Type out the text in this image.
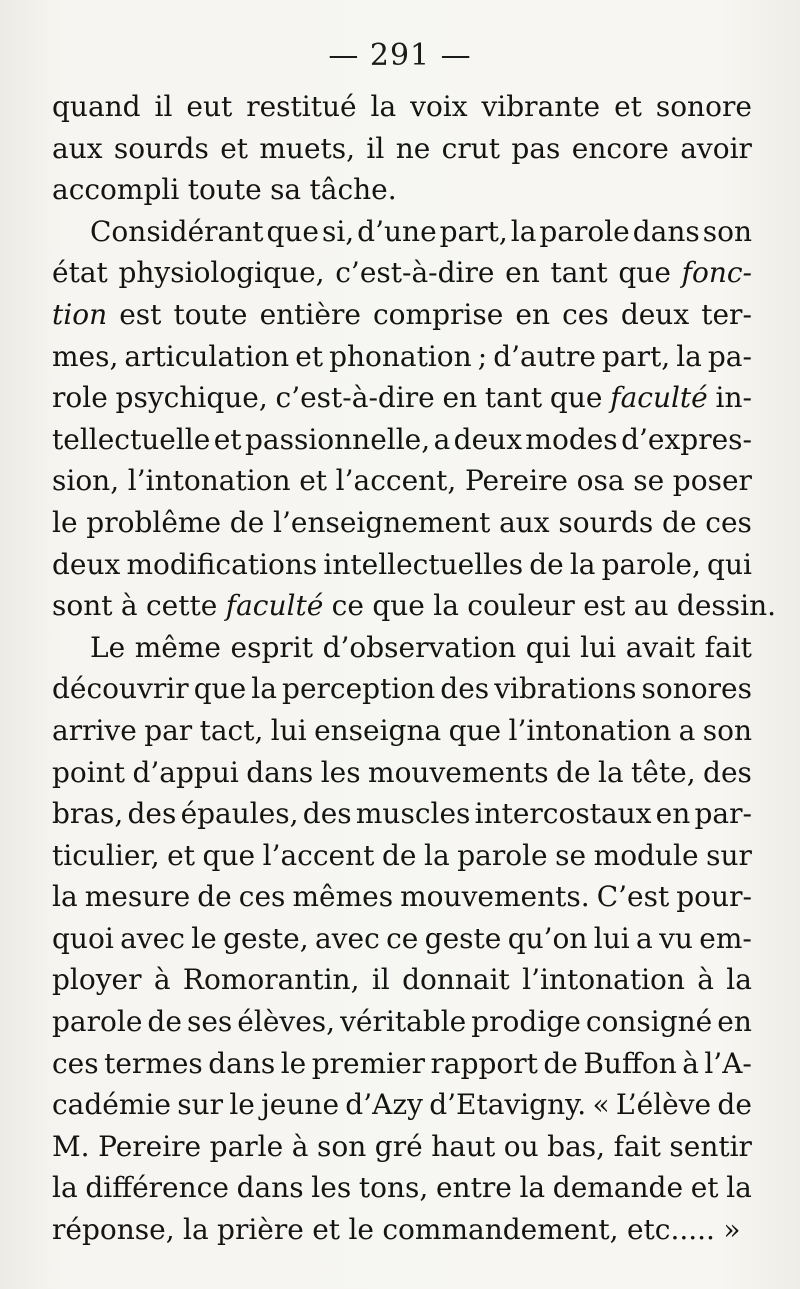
— 291 —
quand il eut restitué la voix vibrante et sonore
aux sourds et muets, il ne crut pas encore avoir
accompli toute sa tâche.
Considérant que si, d’une part, la parole dans son
état physiologique, c’est-à-dire en tant que fonc-
tion est toute entière comprise en ces deux ter-
mes, articulation et phonation ; d’autre part, la pa-
role psychique, c’est-à-dire en tant que faculté in-
tellectuelle et passionnelle, a deux modes d’expres-
sion, l’intonation et l’accent, Pereire osa se poser
le problême de l’enseignement aux sourds de ces
deux modifications intellectuelles de la parole, qui
sont à cette faculté ce que la couleur est au dessin.
Le même esprit d’observation qui lui avait fait
découvrir que la perception des vibrations sonores
arrive par tact, lui enseigna que l’intonation a son
point d’appui dans les mouvements de la tête, des
bras, des épaules, des muscles intercostaux en par-
ticulier, et que l’accent de la parole se module sur
la mesure de ces mêmes mouvements. C’est pour-
quoi avec le geste, avec ce geste qu’on lui a vu em-
ployer à Romorantin, il donnait l’intonation à la
parole de ses élèves, véritable prodige consigné en
ces termes dans le premier rapport de Buffon à l’A-
cadémie sur le jeune d’Azy d’Etavigny. « L’élève de
M. Pereire parle à son gré haut ou bas, fait sentir
la différence dans les tons, entre la demande et la
réponse, la prière et le commandement, etc..... »
